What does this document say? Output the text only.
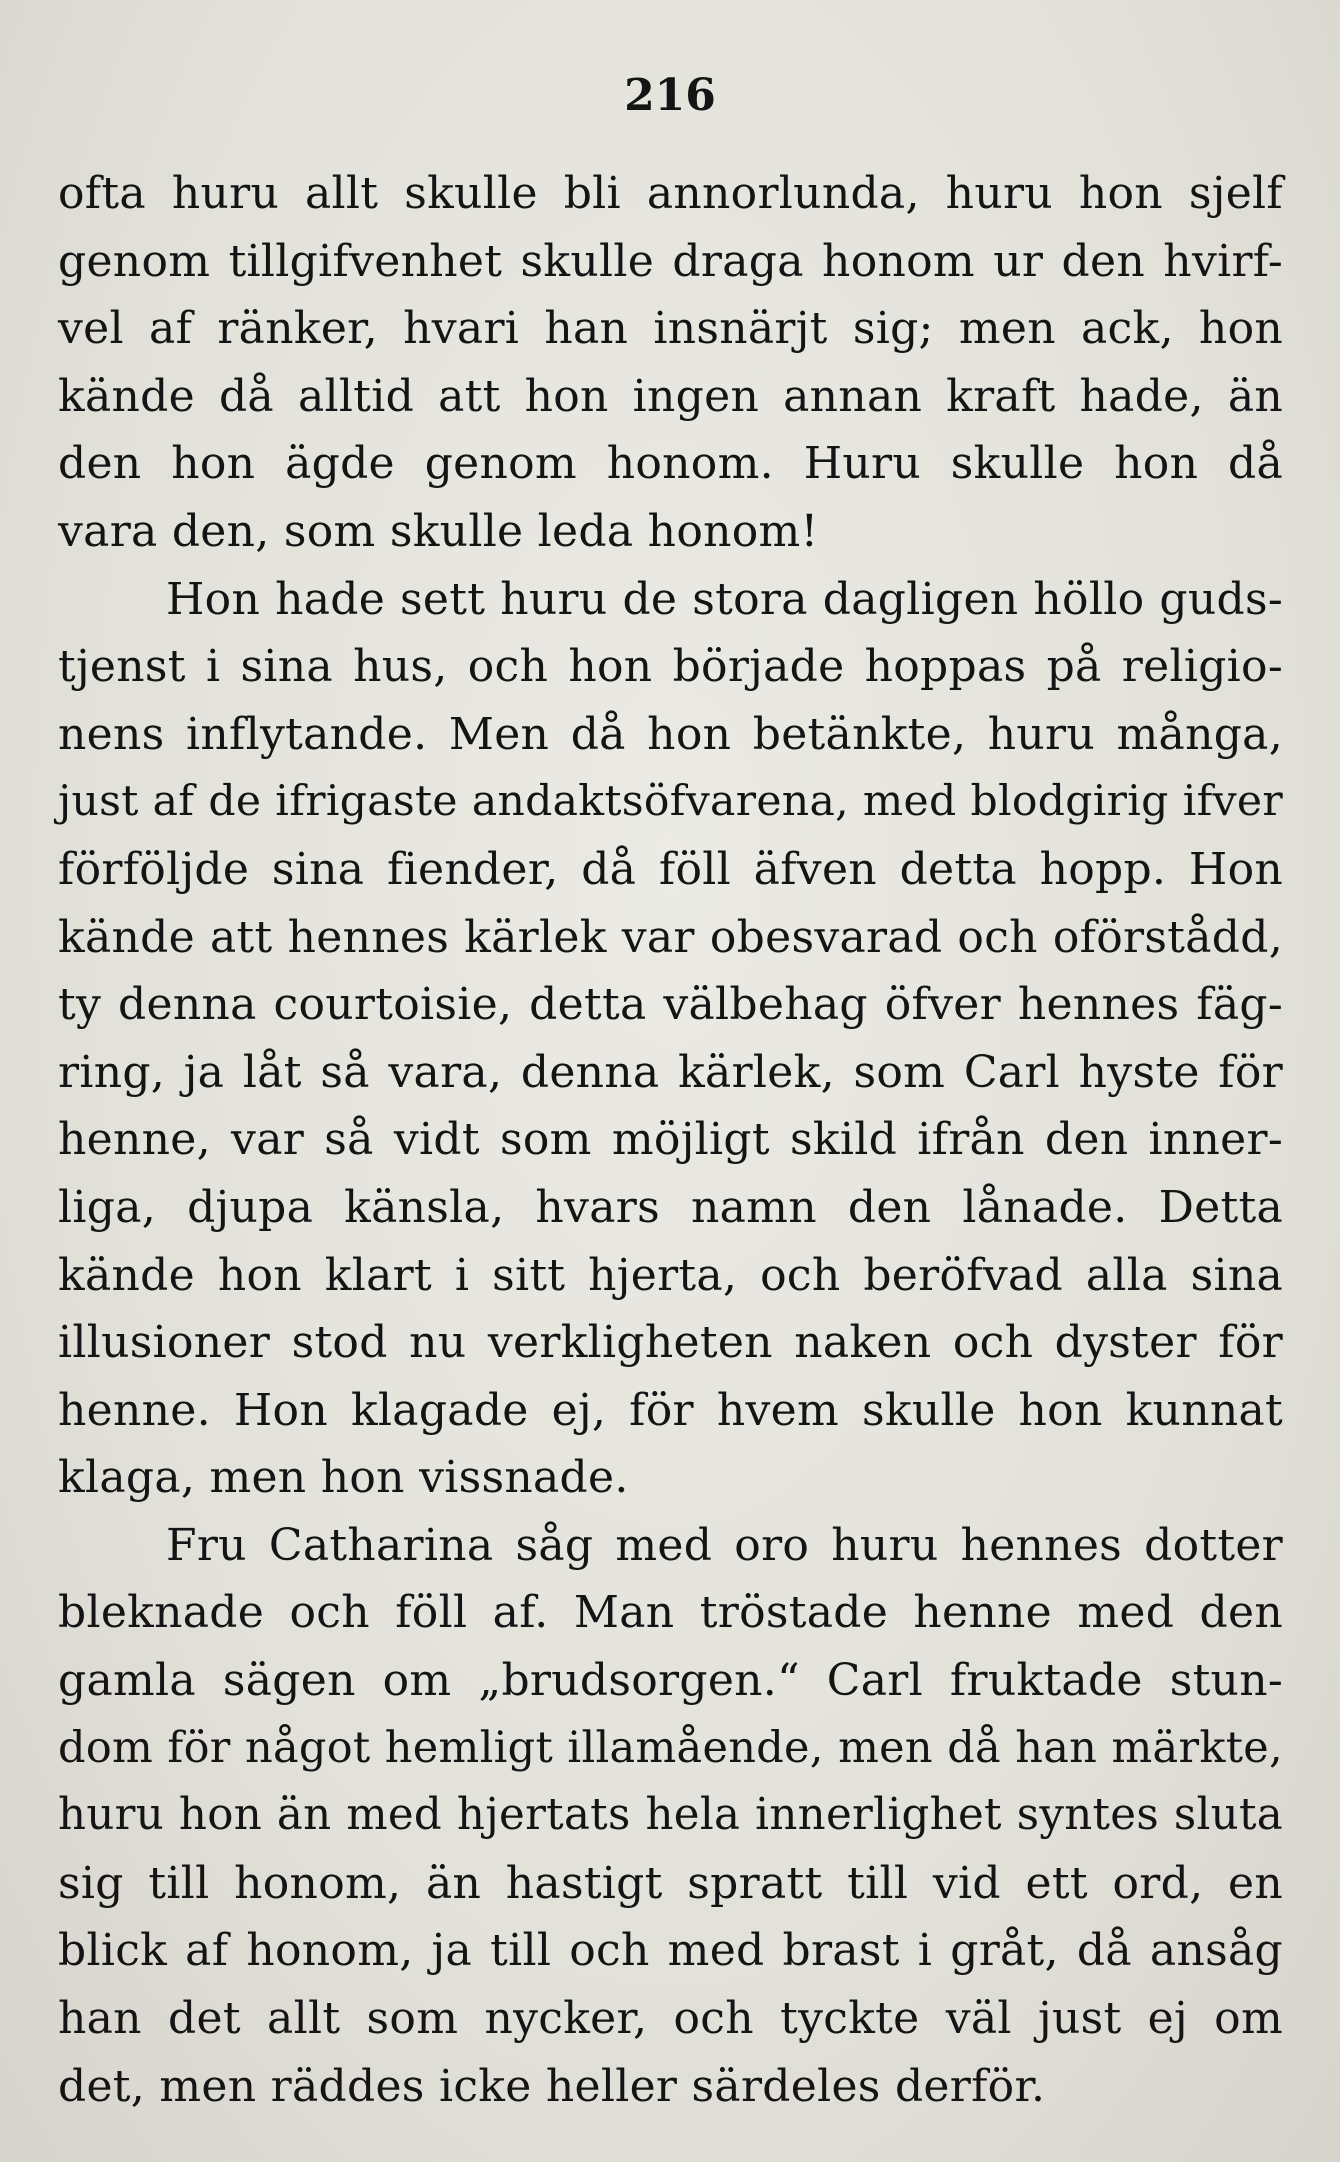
216
ofta huru allt skulle bli annorlunda, huru hon sjelf
genom tillgifvenhet skulle draga honom ur den hvirf-
vel af ränker, hvari han insnärjt sig; men ack, hon
kände då alltid att hon ingen annan kraft hade, än
den hon ägde genom honom. Huru skulle hon då
vara den, som skulle leda honom!
Hon hade sett huru de stora dagligen höllo guds-
tjenst i sina hus, och hon började hoppas på religio-
nens inflytande. Men då hon betänkte, huru många,
just af de ifrigaste andaktsöfvarena, med blodgirig ifver
förföljde sina fiender, då föll äfven detta hopp. Hon
kände att hennes kärlek var obesvarad och oförstådd,
ty denna courtoisie, detta välbehag öfver hennes fäg-
ring, ja låt så vara, denna kärlek, som Carl hyste för
henne, var så vidt som möjligt skild ifrån den inner-
liga, djupa känsla, hvars namn den lånade. Detta
kände hon klart i sitt hjerta, och beröfvad alla sina
illusioner stod nu verkligheten naken och dyster för
henne. Hon klagade ej, för hvem skulle hon kunnat
klaga, men hon vissnade.
Fru Catharina såg med oro huru hennes dotter
bleknade och föll af. Man tröstade henne med den
gamla sägen om „brudsorgen.“ Carl fruktade stun-
dom för något hemligt illamående, men då han märkte,
huru hon än med hjertats hela innerlighet syntes sluta
sig till honom, än hastigt spratt till vid ett ord, en
blick af honom, ja till och med brast i gråt, då ansåg
han det allt som nycker, och tyckte väl just ej om
det, men räddes icke heller särdeles derför.
